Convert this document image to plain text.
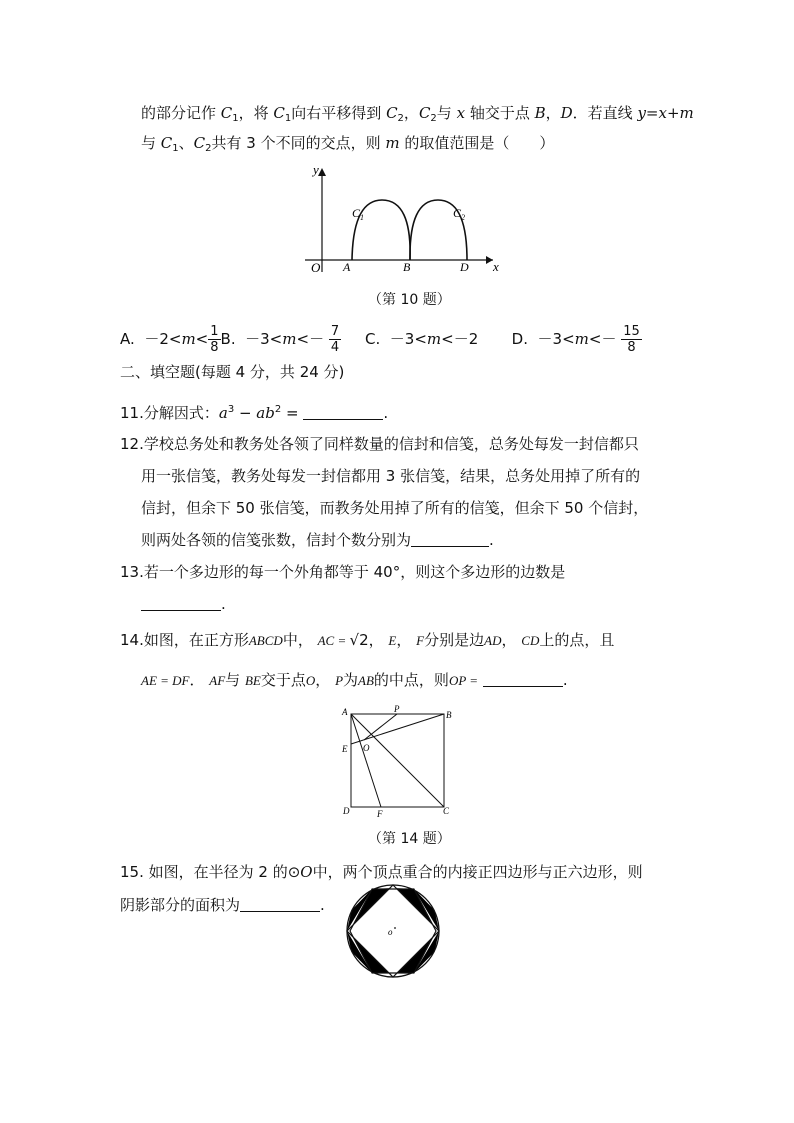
的部分记作 $C_1$，将 $C_1$向右平移得到 $C_2$，$C_2$与 x 轴交于点 B，D．若直线 y=x+m
与 $C_1$、$C_2$共有 3 个不同的交点，则 m 的取值范围是（　　）
y
x
O A	B	D
$C_1$	$C_2$
（第 10 题）
A. $-2<m< \frac{1}{8} B$. $-3<m<- \frac{7}{4} C$. －3<m<－2 D. $-3<m<- \frac{15}{8}$
二、填空题(每题 4 分，共 24 分)
11.分解因式：$a^3 - ab^2$ =	.
12.学校总务处和教务处各领了同样数量的信封和信笺，总务处每发一封信都只
用一张信笺，教务处每发一封信都用 3 张信笺，结果，总务处用掉了所有的
信封，但余下 50 张信笺，而教务处用掉了所有的信笺，但余下 50 个信封，
则两处各领的信笺张数，信封个数分别为	.
13.若一个多边形的每一个外角都等于 40°，则这个多边形的边数是
.
14.如图，在正方形ABCD中， AC = √2， E， F分别是边AD， CD上的点，且
AE = DF． AF与 BE交于点O， P为AB的中点，则OP =	.
A	P
B
E O
D	F	C
（第 14 题）
15. 如图，在半径为 2 的⊙O中，两个顶点重合的内接正四边形与正六边形，则
阴影部分的面积为	.
o
